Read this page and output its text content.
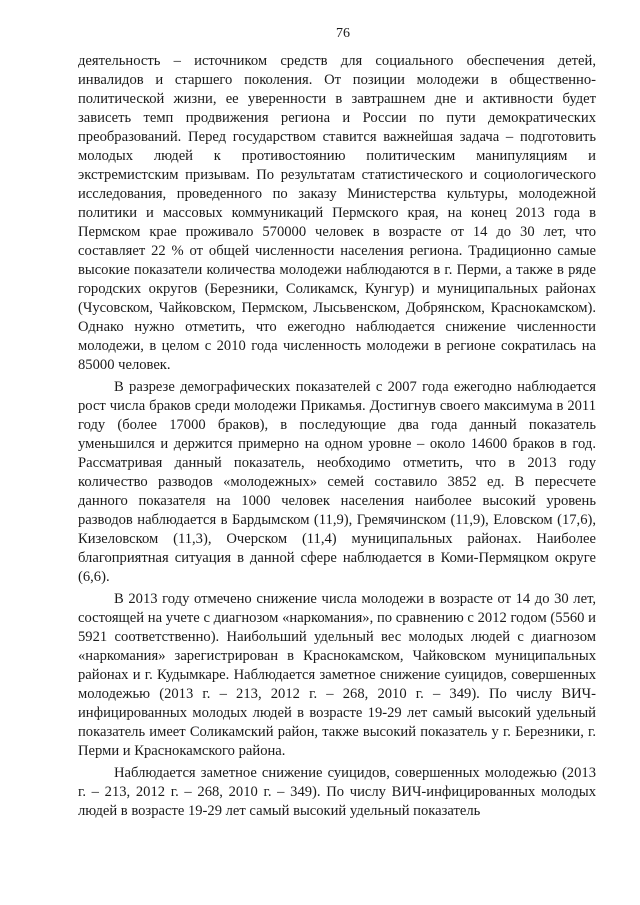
76

деятельность – источником средств для социального обеспечения детей, инвалидов и старшего поколения. От позиции молодежи в общественно-политической жизни, ее уверенности в завтрашнем дне и активности будет зависеть темп продвижения региона и России по пути демократических преобразований. Перед государством ставится важнейшая задача – подготовить молодых людей к противостоянию политическим манипуляциям и экстремистским призывам. По результатам статистического и социологического исследования, проведенного по заказу Министерства культуры, молодежной политики и массовых коммуникаций Пермского края, на конец 2013 года в Пермском крае проживало 570000 человек в возрасте от 14 до 30 лет, что составляет 22 % от общей численности населения региона. Традиционно самые высокие показатели количества молодежи наблюдаются в г. Перми, а также в ряде городских округов (Березники, Соликамск, Кунгур) и муниципальных районах (Чусовском, Чайковском, Пермском, Лысьвенском, Добрянском, Краснокамском). Однако нужно отметить, что ежегодно наблюдается снижение численности молодежи, в целом с 2010 года численность молодежи в регионе сократилась на 85000 человек.

В разрезе демографических показателей с 2007 года ежегодно наблюдается рост числа браков среди молодежи Прикамья. Достигнув своего максимума в 2011 году (более 17000 браков), в последующие два года данный показатель уменьшился и держится примерно на одном уровне – около 14600 браков в год. Рассматривая данный показатель, необходимо отметить, что в 2013 году количество разводов «молодежных» семей составило 3852 ед. В пересчете данного показателя на 1000 человек населения наиболее высокий уровень разводов наблюдается в Бардымском (11,9), Гремячинском (11,9), Еловском (17,6), Кизеловском (11,3), Очерском (11,4) муниципальных районах. Наиболее благоприятная ситуация в данной сфере наблюдается в Коми-Пермяцком округе (6,6).

В 2013 году отмечено снижение числа молодежи в возрасте от 14 до 30 лет, состоящей на учете с диагнозом «наркомания», по сравнению с 2012 годом (5560 и 5921 соответственно). Наибольший удельный вес молодых людей с диагнозом «наркомания» зарегистрирован в Краснокамском, Чайковском муниципальных районах и г. Кудымкаре. Наблюдается заметное снижение суицидов, совершенных молодежью (2013 г. – 213, 2012 г. – 268, 2010 г. – 349). По числу ВИЧ-инфицированных молодых людей в возрасте 19-29 лет самый высокий удельный показатель имеет Соликамский район, также высокий показатель у г. Березники, г. Перми и Краснокамского района.

Наблюдается заметное снижение суицидов, совершенных молодежью (2013 г. – 213, 2012 г. – 268, 2010 г. – 349). По числу ВИЧ-инфицированных молодых людей в возрасте 19-29 лет самый высокий удельный показатель
